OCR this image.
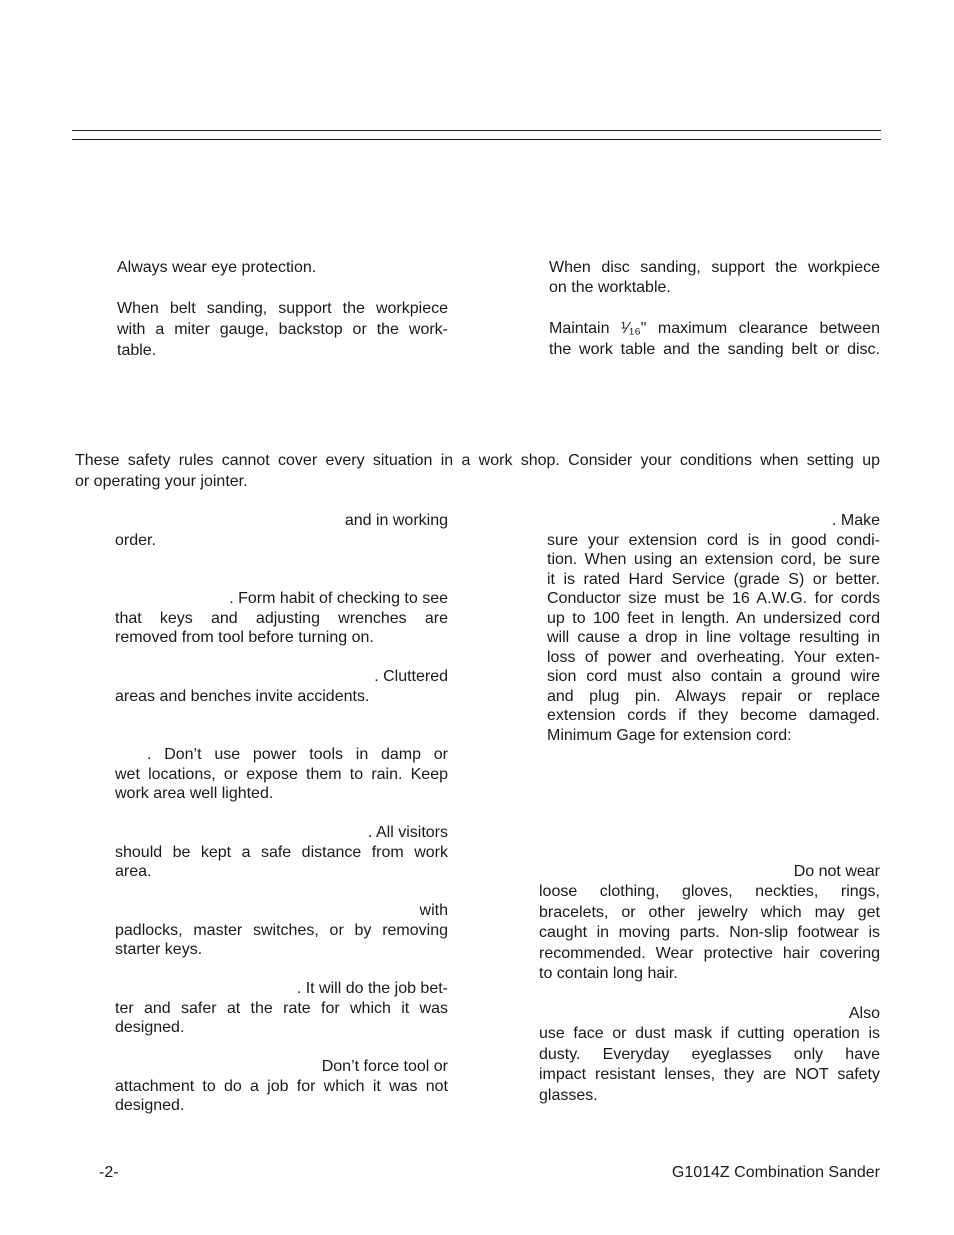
Always wear eye protection.
When belt sanding, support the workpiece
with a miter gauge, backstop or the work-
table.
When disc sanding, support the workpiece
on the worktable.
Maintain ¹⁄₁₆" maximum clearance between
the work table and the sanding belt or disc.
These safety rules cannot cover every situation in a work shop. Consider your conditions when setting up
or operating your jointer.
and in working
order.
. Form habit of checking to see
that keys and adjusting wrenches are
removed from tool before turning on.
. Cluttered
areas and benches invite accidents.
. Don’t use power tools in damp or
wet locations, or expose them to rain. Keep
work area well lighted.
. All visitors
should be kept a safe distance from work
area.
with
padlocks, master switches, or by removing
starter keys.
. It will do the job bet-
ter and safer at the rate for which it was
designed.
Don’t force tool or
attachment to do a job for which it was not
designed.
. Make
sure your extension cord is in good condi-
tion. When using an extension cord, be sure
it is rated Hard Service (grade S) or better.
Conductor size must be 16 A.W.G. for cords
up to 100 feet in length. An undersized cord
will cause a drop in line voltage resulting in
loss of power and overheating. Your exten-
sion cord must also contain a ground wire
and plug pin. Always repair or replace
extension cords if they become damaged.
Minimum Gage for extension cord:
Do not wear
loose clothing, gloves, neckties, rings,
bracelets, or other jewelry which may get
caught in moving parts. Non-slip footwear is
recommended. Wear protective hair covering
to contain long hair.
Also
use face or dust mask if cutting operation is
dusty. Everyday eyeglasses only have
impact resistant lenses, they are NOT safety
glasses.
-2-	G1014Z Combination Sander
